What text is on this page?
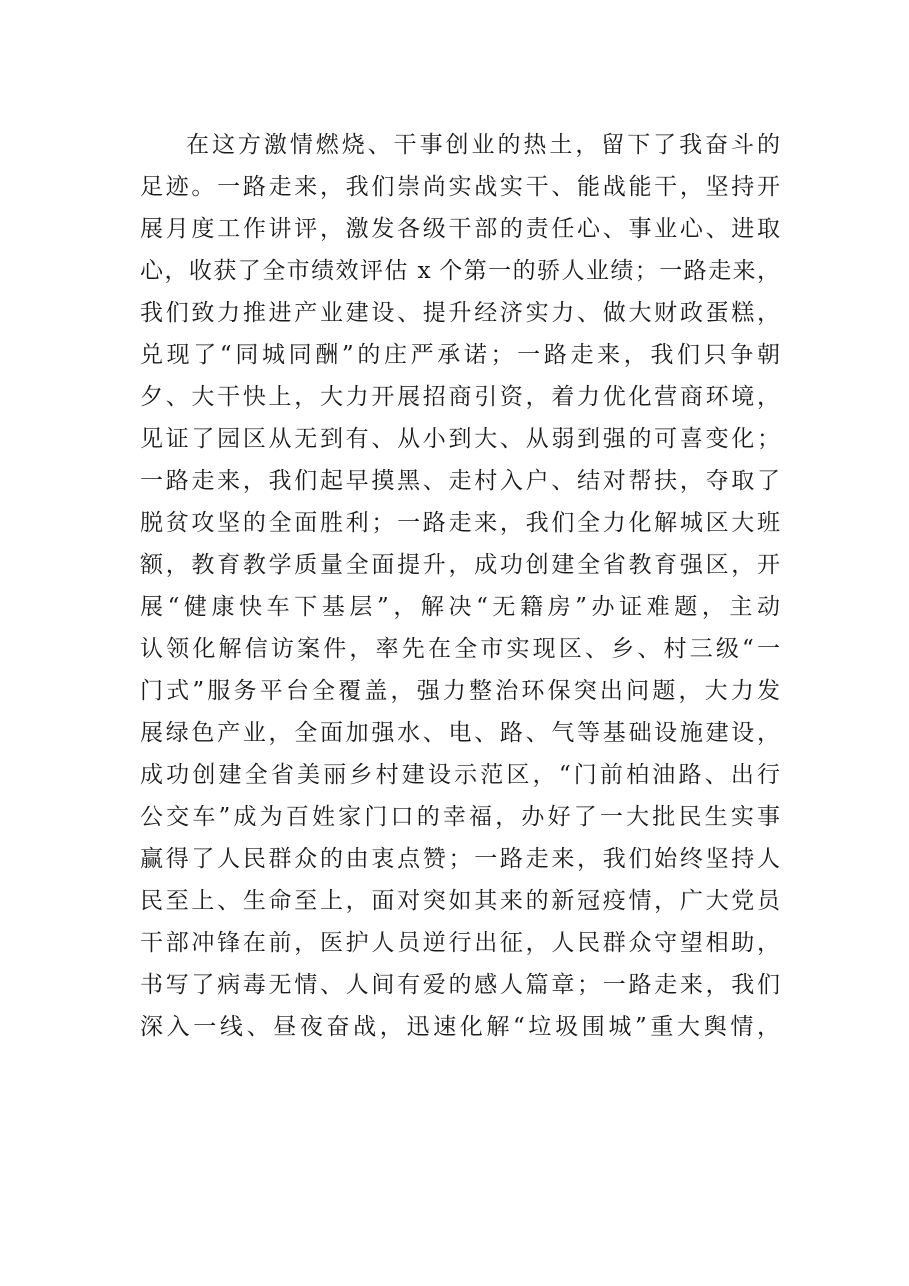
在这方激情燃烧、干事创业的热土，留下了我奋斗的
足迹。一路走来，我们崇尚实战实干、能战能干，坚持开
展月度工作讲评，激发各级干部的责任心、事业心、进取
心，收获了全市绩效评估 x 个第一的骄人业绩；一路走来，
我们致力推进产业建设、提升经济实力、做大财政蛋糕，
兑现了“同城同酬”的庄严承诺；一路走来，我们只争朝
夕、大干快上，大力开展招商引资，着力优化营商环境，
见证了园区从无到有、从小到大、从弱到强的可喜变化；
一路走来，我们起早摸黑、走村入户、结对帮扶，夺取了
脱贫攻坚的全面胜利；一路走来，我们全力化解城区大班
额，教育教学质量全面提升，成功创建全省教育强区，开
展“健康快车下基层”，解决“无籍房”办证难题，主动
认领化解信访案件，率先在全市实现区、乡、村三级“一
门式”服务平台全覆盖，强力整治环保突出问题，大力发
展绿色产业，全面加强水、电、路、气等基础设施建设，
成功创建全省美丽乡村建设示范区，“门前柏油路、出行
公交车”成为百姓家门口的幸福，办好了一大批民生实事
赢得了人民群众的由衷点赞；一路走来，我们始终坚持人
民至上、生命至上，面对突如其来的新冠疫情，广大党员
干部冲锋在前，医护人员逆行出征，人民群众守望相助，
书写了病毒无情、人间有爱的感人篇章；一路走来，我们
深入一线、昼夜奋战，迅速化解“垃圾围城”重大舆情，
